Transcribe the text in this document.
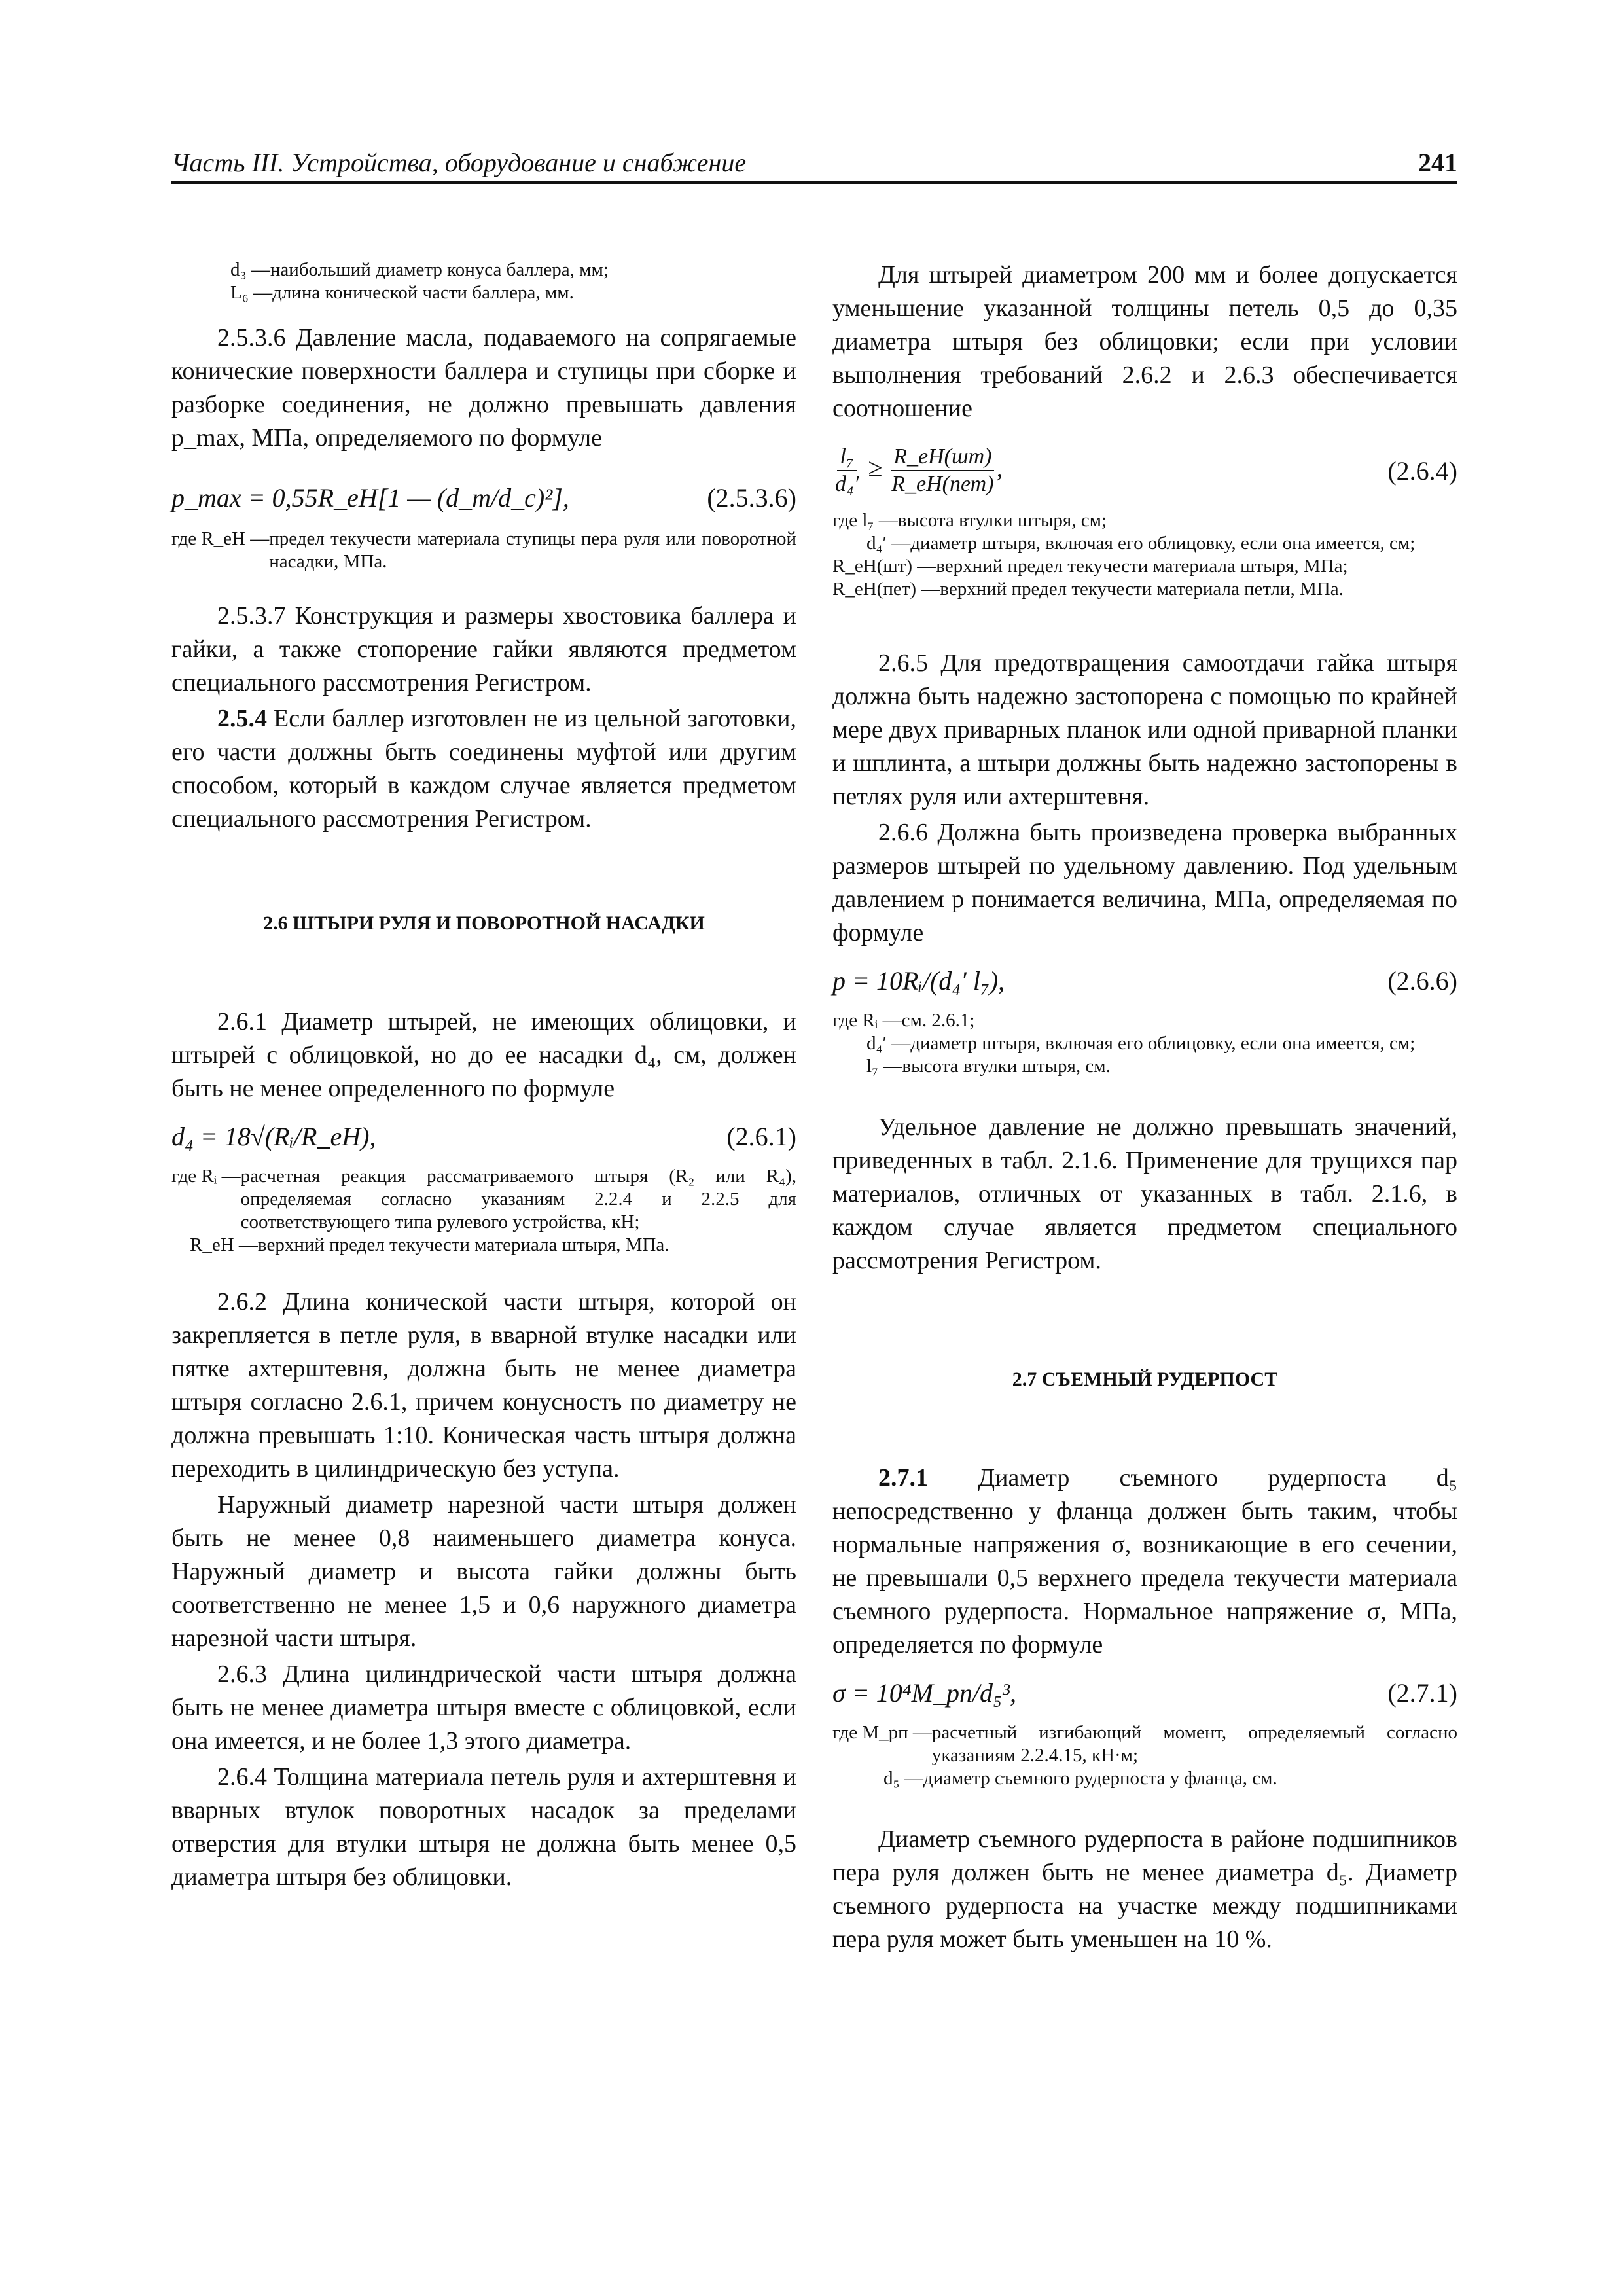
Часть III. Устройства, оборудование и снабжение	241
d₃ — наибольший диаметр конуса баллера, мм;
L₆ — длина конической части баллера, мм.

2.5.3.6 Давление масла, подаваемого на сопрягаемые конические поверхности баллера и ступицы при сборке и разборке соединения, не должно превышать давления p_max, МПа, определяемого по формуле

p_max = 0,55R_eH[1 — (d_m/d_c)²],	(2.5.3.6)
где R_eH — предел текучести материала ступицы пера руля или поворотной насадки, МПа.

2.5.3.7 Конструкция и размеры хвостовика баллера и гайки, а также стопорение гайки являются предметом специального рассмотрения Регистром.

2.5.4 Если баллер изготовлен не из цельной заготовки, его части должны быть соединены муфтой или другим способом, который в каждом случае является предметом специального рассмотрения Регистром.

2.6 ШТЫРИ РУЛЯ И ПОВОРОТНОЙ НАСАДКИ

2.6.1 Диаметр штырей, не имеющих облицовки, и штырей с облицовкой, но до ее насадки d₄, см, должен быть не менее определенного по формуле

d₄ = 18√(Rᵢ/R_eH),	(2.6.1)
где Rᵢ — расчетная реакция рассматриваемого штыря (R₂ или R₄), определяемая согласно указаниям 2.2.4 и 2.2.5 для соответствующего типа рулевого устройства, кН;
R_eH — верхний предел текучести материала штыря, МПа.

2.6.2 Длина конической части штыря, которой он закрепляется в петле руля, в вварной втулке насадки или пятке ахтерштевня, должна быть не менее диаметра штыря согласно 2.6.1, причем конусность по диаметру не должна превышать 1:10. Коническая часть штыря должна переходить в цилиндрическую без уступа.

Наружный диаметр нарезной части штыря должен быть не менее 0,8 наименьшего диаметра конуса. Наружный диаметр и высота гайки должны быть соответственно не менее 1,5 и 0,6 наружного диаметра нарезной части штыря.

2.6.3 Длина цилиндрической части штыря должна быть не менее диаметра штыря вместе с облицовкой, если она имеется, и не более 1,3 этого диаметра.

2.6.4 Толщина материала петель руля и ахтерштевня и вварных втулок поворотных насадок за пределами отверстия для втулки штыря не должна быть менее 0,5 диаметра штыря без облицовки.

Для штырей диаметром 200 мм и более допускается уменьшение указанной толщины петель 0,5 до 0,35 диаметра штыря без облицовки; если при условии выполнения требований 2.6.2 и 2.6.3 обеспечивается соотношение

$\frac{\text{l₇}}{\text{d₄′}} \ge \frac{R\_eH(шт)}{\text{R\_eH(пет)}}$ ,	(2.6.4)
где l₇ — высота втулки штыря, см;
d₄′ — диаметр штыря, включая его облицовку, если она имеется, см;
R_eH(шт) — верхний предел текучести материала штыря, МПа;
R_eH(пет) — верхний предел текучести материала петли, МПа.

2.6.5 Для предотвращения самоотдачи гайка штыря должна быть надежно застопорена с помощью по крайней мере двух приварных планок или одной приварной планки и шплинта, а штыри должны быть надежно застопорены в петлях руля или ахтерштевня.

2.6.6 Должна быть произведена проверка выбранных размеров штырей по удельному давлению. Под удельным давлением p понимается величина, МПа, определяемая по формуле

p = 10Rᵢ/(d₄′ l₇),	(2.6.6)
где Rᵢ — см. 2.6.1;
d₄′ — диаметр штыря, включая его облицовку, если она имеется, см;
l₇ — высота втулки штыря, см.

Удельное давление не должно превышать значений, приведенных в табл. 2.1.6. Применение для трущихся пар материалов, отличных от указанных в табл. 2.1.6, в каждом случае является предметом специального рассмотрения Регистром.

2.7 СЪЕМНЫЙ РУДЕРПОСТ

2.7.1 Диаметр съемного рудерпоста d₅ непосредственно у фланца должен быть таким, чтобы нормальные напряжения σ, возникающие в его сечении, не превышали 0,5 верхнего предела текучести материала съемного рудерпоста. Нормальное напряжение σ, МПа, определяется по формуле

σ = 10⁴M_рп/d₅³,	(2.7.1)
где M_рп — расчетный изгибающий момент, определяемый согласно указаниям 2.2.4.15, кН·м;
d₅ — диаметр съемного рудерпоста у фланца, см.

Диаметр съемного рудерпоста в районе подшипников пера руля должен быть не менее диаметра d₅. Диаметр съемного рудерпоста на участке между подшипниками пера руля может быть уменьшен на 10 %.
